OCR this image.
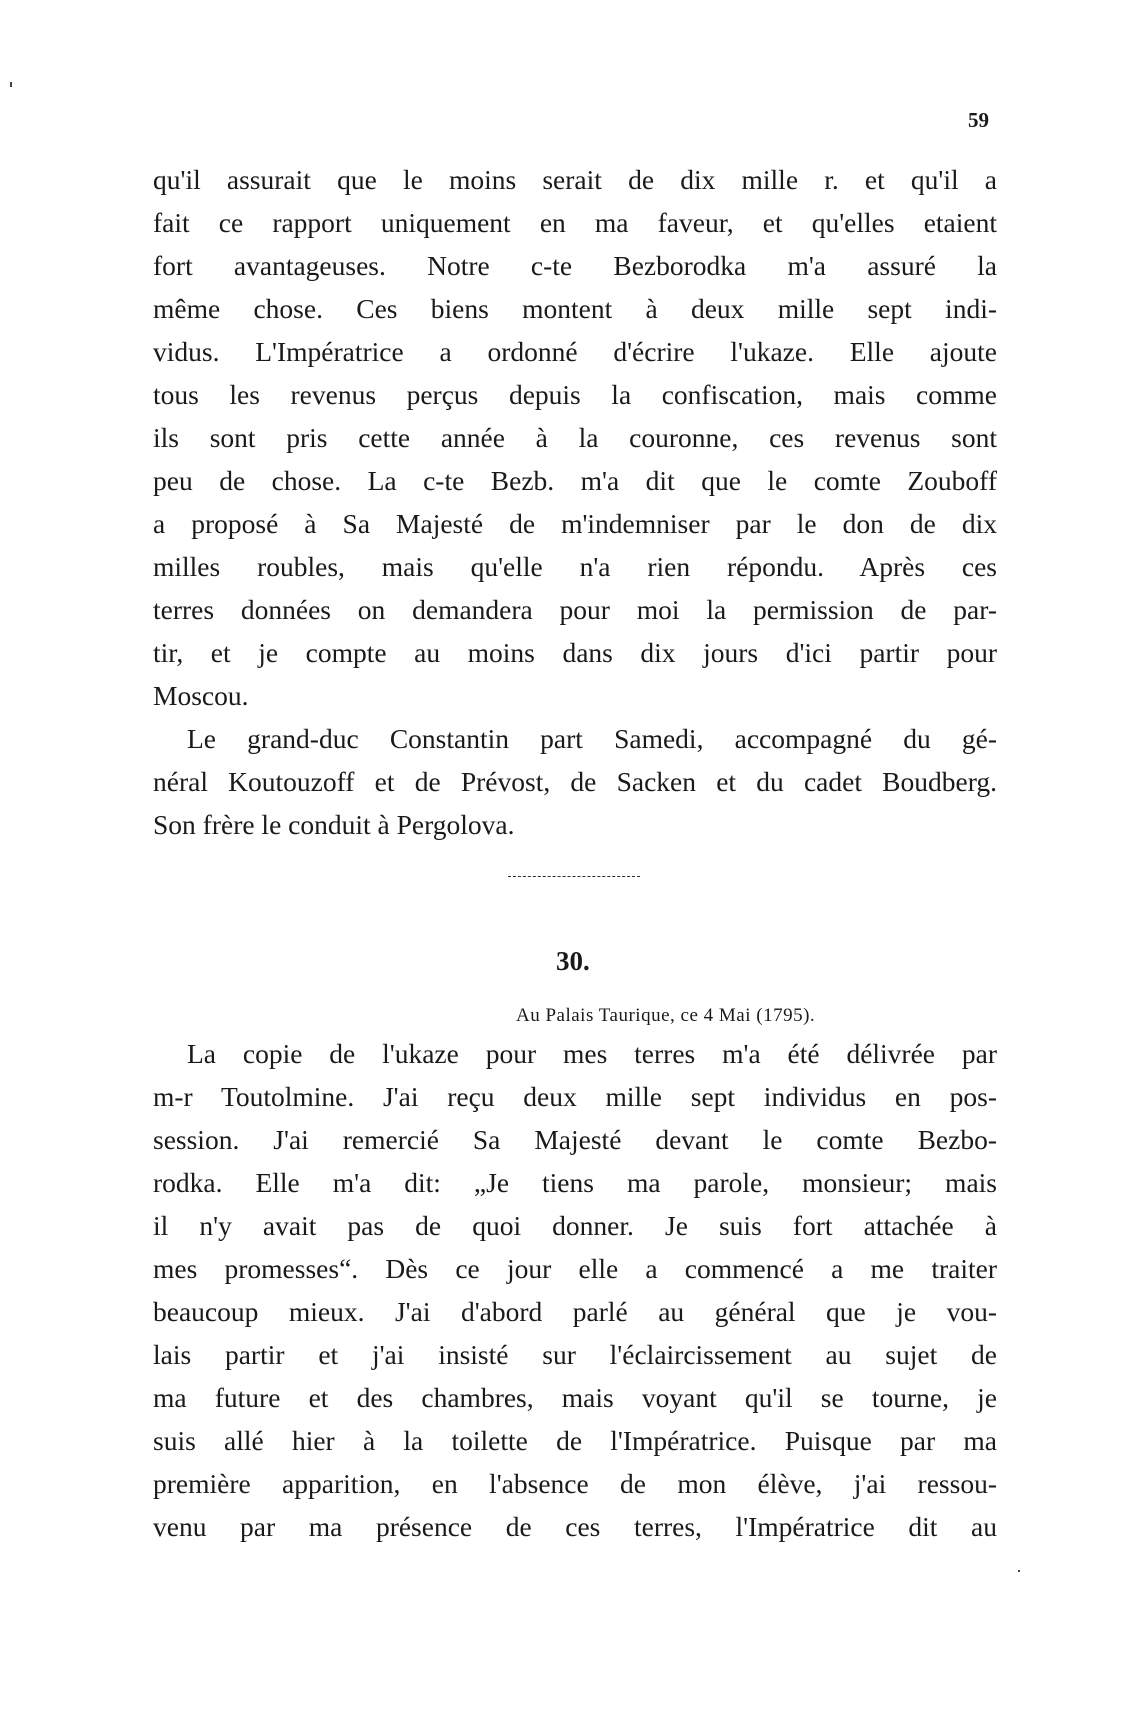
59
qu'il assurait que le moins serait de dix mille r. et qu'il a
fait ce rapport uniquement en ma faveur, et qu'elles etaient
fort avantageuses. Notre c-te Bezborodka m'a assuré la
même chose. Ces biens montent à deux mille sept indi-
vidus. L'Impératrice a ordonné d'écrire l'ukaze. Elle ajoute
tous les revenus perçus depuis la confiscation, mais comme
ils sont pris cette année à la couronne, ces revenus sont
peu de chose. La c-te Bezb. m'a dit que le comte Zouboff
a proposé à Sa Majesté de m'indemniser par le don de dix
milles roubles, mais qu'elle n'a rien répondu. Après ces
terres données on demandera pour moi la permission de par-
tir, et je compte au moins dans dix jours d'ici partir pour
Moscou.
Le grand-duc Constantin part Samedi, accompagné du gé-
néral Koutouzoff et de Prévost, de Sacken et du cadet Boudberg.
Son frère le conduit à Pergolova.
30.
Au Palais Taurique, ce 4 Mai (1795).
La copie de l'ukaze pour mes terres m'a été délivrée par
m-r Toutolmine. J'ai reçu deux mille sept individus en pos-
session. J'ai remercié Sa Majesté devant le comte Bezbo-
rodka. Elle m'a dit: „Je tiens ma parole, monsieur; mais
il n'y avait pas de quoi donner. Je suis fort attachée à
mes promesses“. Dès ce jour elle a commencé a me traiter
beaucoup mieux. J'ai d'abord parlé au général que je vou-
lais partir et j'ai insisté sur l'éclaircissement au sujet de
ma future et des chambres, mais voyant qu'il se tourne, je
suis allé hier à la toilette de l'Impératrice. Puisque par ma
première apparition, en l'absence de mon élève, j'ai ressou-
venu par ma présence de ces terres, l'Impératrice dit au
